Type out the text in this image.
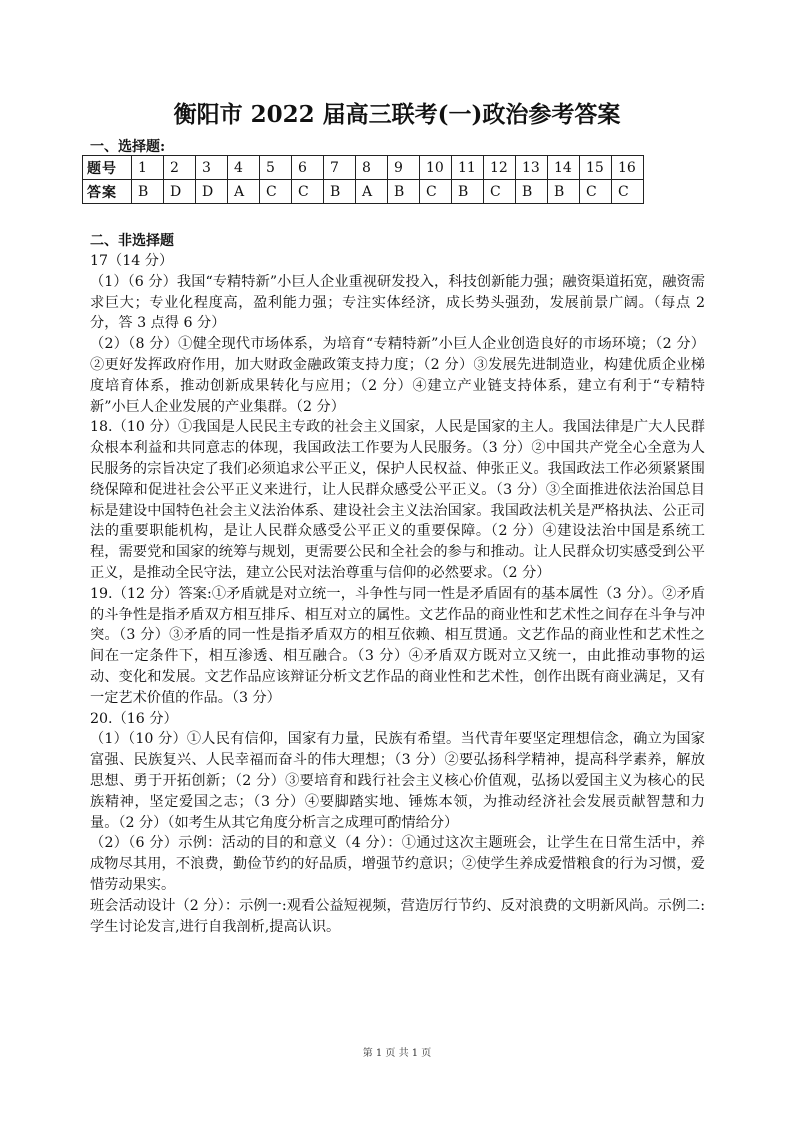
衡阳市 2022 届高三联考(一)政治参考答案
一、选择题:
题号	1	2	3	4	5	6	7	8	9	10	11	12	13	14	15	16
答案	B	D	D	A	C	C	B	A	B	C	B	C	B	B	C	C
二、非选择题

17（14 分）

（1）（6 分）我国“专精特新”小巨人企业重视研发投入，科技创新能力强；融资渠道拓宽，融资需求巨大；专业化程度高，盈利能力强；专注实体经济，成长势头强劲，发展前景广阔。（每点 2 分，答 3 点得 6 分）

（2）（8 分）①健全现代市场体系，为培育“专精特新”小巨人企业创造良好的市场环境；（2 分）②更好发挥政府作用，加大财政金融政策支持力度；（2 分）③发展先进制造业，构建优质企业梯度培育体系，推动创新成果转化与应用；（2 分）④建立产业链支持体系，建立有利于“专精特新”小巨人企业发展的产业集群。（2 分）

18.（10 分）①我国是人民民主专政的社会主义国家，人民是国家的主人。我国法律是广大人民群众根本利益和共同意志的体现，我国政法工作要为人民服务。（3 分）②中国共产党全心全意为人民服务的宗旨决定了我们必须追求公平正义，保护人民权益、伸张正义。我国政法工作必须紧紧围绕保障和促进社会公平正义来进行，让人民群众感受公平正义。（3 分）③全面推进依法治国总目标是建设中国特色社会主义法治体系、建设社会主义法治国家。我国政法机关是严格执法、公正司法的重要职能机构，是让人民群众感受公平正义的重要保障。（2 分）④建设法治中国是系统工程，需要党和国家的统筹与规划，更需要公民和全社会的参与和推动。让人民群众切实感受到公平正义，是推动全民守法，建立公民对法治尊重与信仰的必然要求。（2 分）

19.（12 分）答案:①矛盾就是对立统一，斗争性与同一性是矛盾固有的基本属性（3 分）。②矛盾的斗争性是指矛盾双方相互排斥、相互对立的属性。文艺作品的商业性和艺术性之间存在斗争与冲突。（3 分）③矛盾的同一性是指矛盾双方的相互依赖、相互贯通。文艺作品的商业性和艺术性之间在一定条件下，相互渗透、相互融合。（3 分）④矛盾双方既对立又统一，由此推动事物的运动、变化和发展。文艺作品应该辩证分析文艺作品的商业性和艺术性，创作出既有商业满足，又有一定艺术价值的作品。（3 分）

20.（16 分）

（1）（10 分）①人民有信仰，国家有力量，民族有希望。当代青年要坚定理想信念，确立为国家富强、民族复兴、人民幸福而奋斗的伟大理想；（3 分）②要弘扬科学精神，提高科学素养，解放思想、勇于开拓创新；（2 分）③要培育和践行社会主义核心价值观，弘扬以爱国主义为核心的民族精神，坚定爱国之志；（3 分）④要脚踏实地、锤炼本领，为推动经济社会发展贡献智慧和力量。（2 分）（如考生从其它角度分析言之成理可酌情给分）

（2）（6 分）示例：活动的目的和意义（4 分）：①通过这次主题班会，让学生在日常生活中，养成物尽其用，不浪费，勤俭节约的好品质，增强节约意识；②使学生养成爱惜粮食的行为习惯，爱惜劳动果实。

班会活动设计（2 分）：示例一:观看公益短视频，营造厉行节约、反对浪费的文明新风尚。示例二:学生讨论发言,进行自我剖析,提高认识。

第 1 页 共 1 页
